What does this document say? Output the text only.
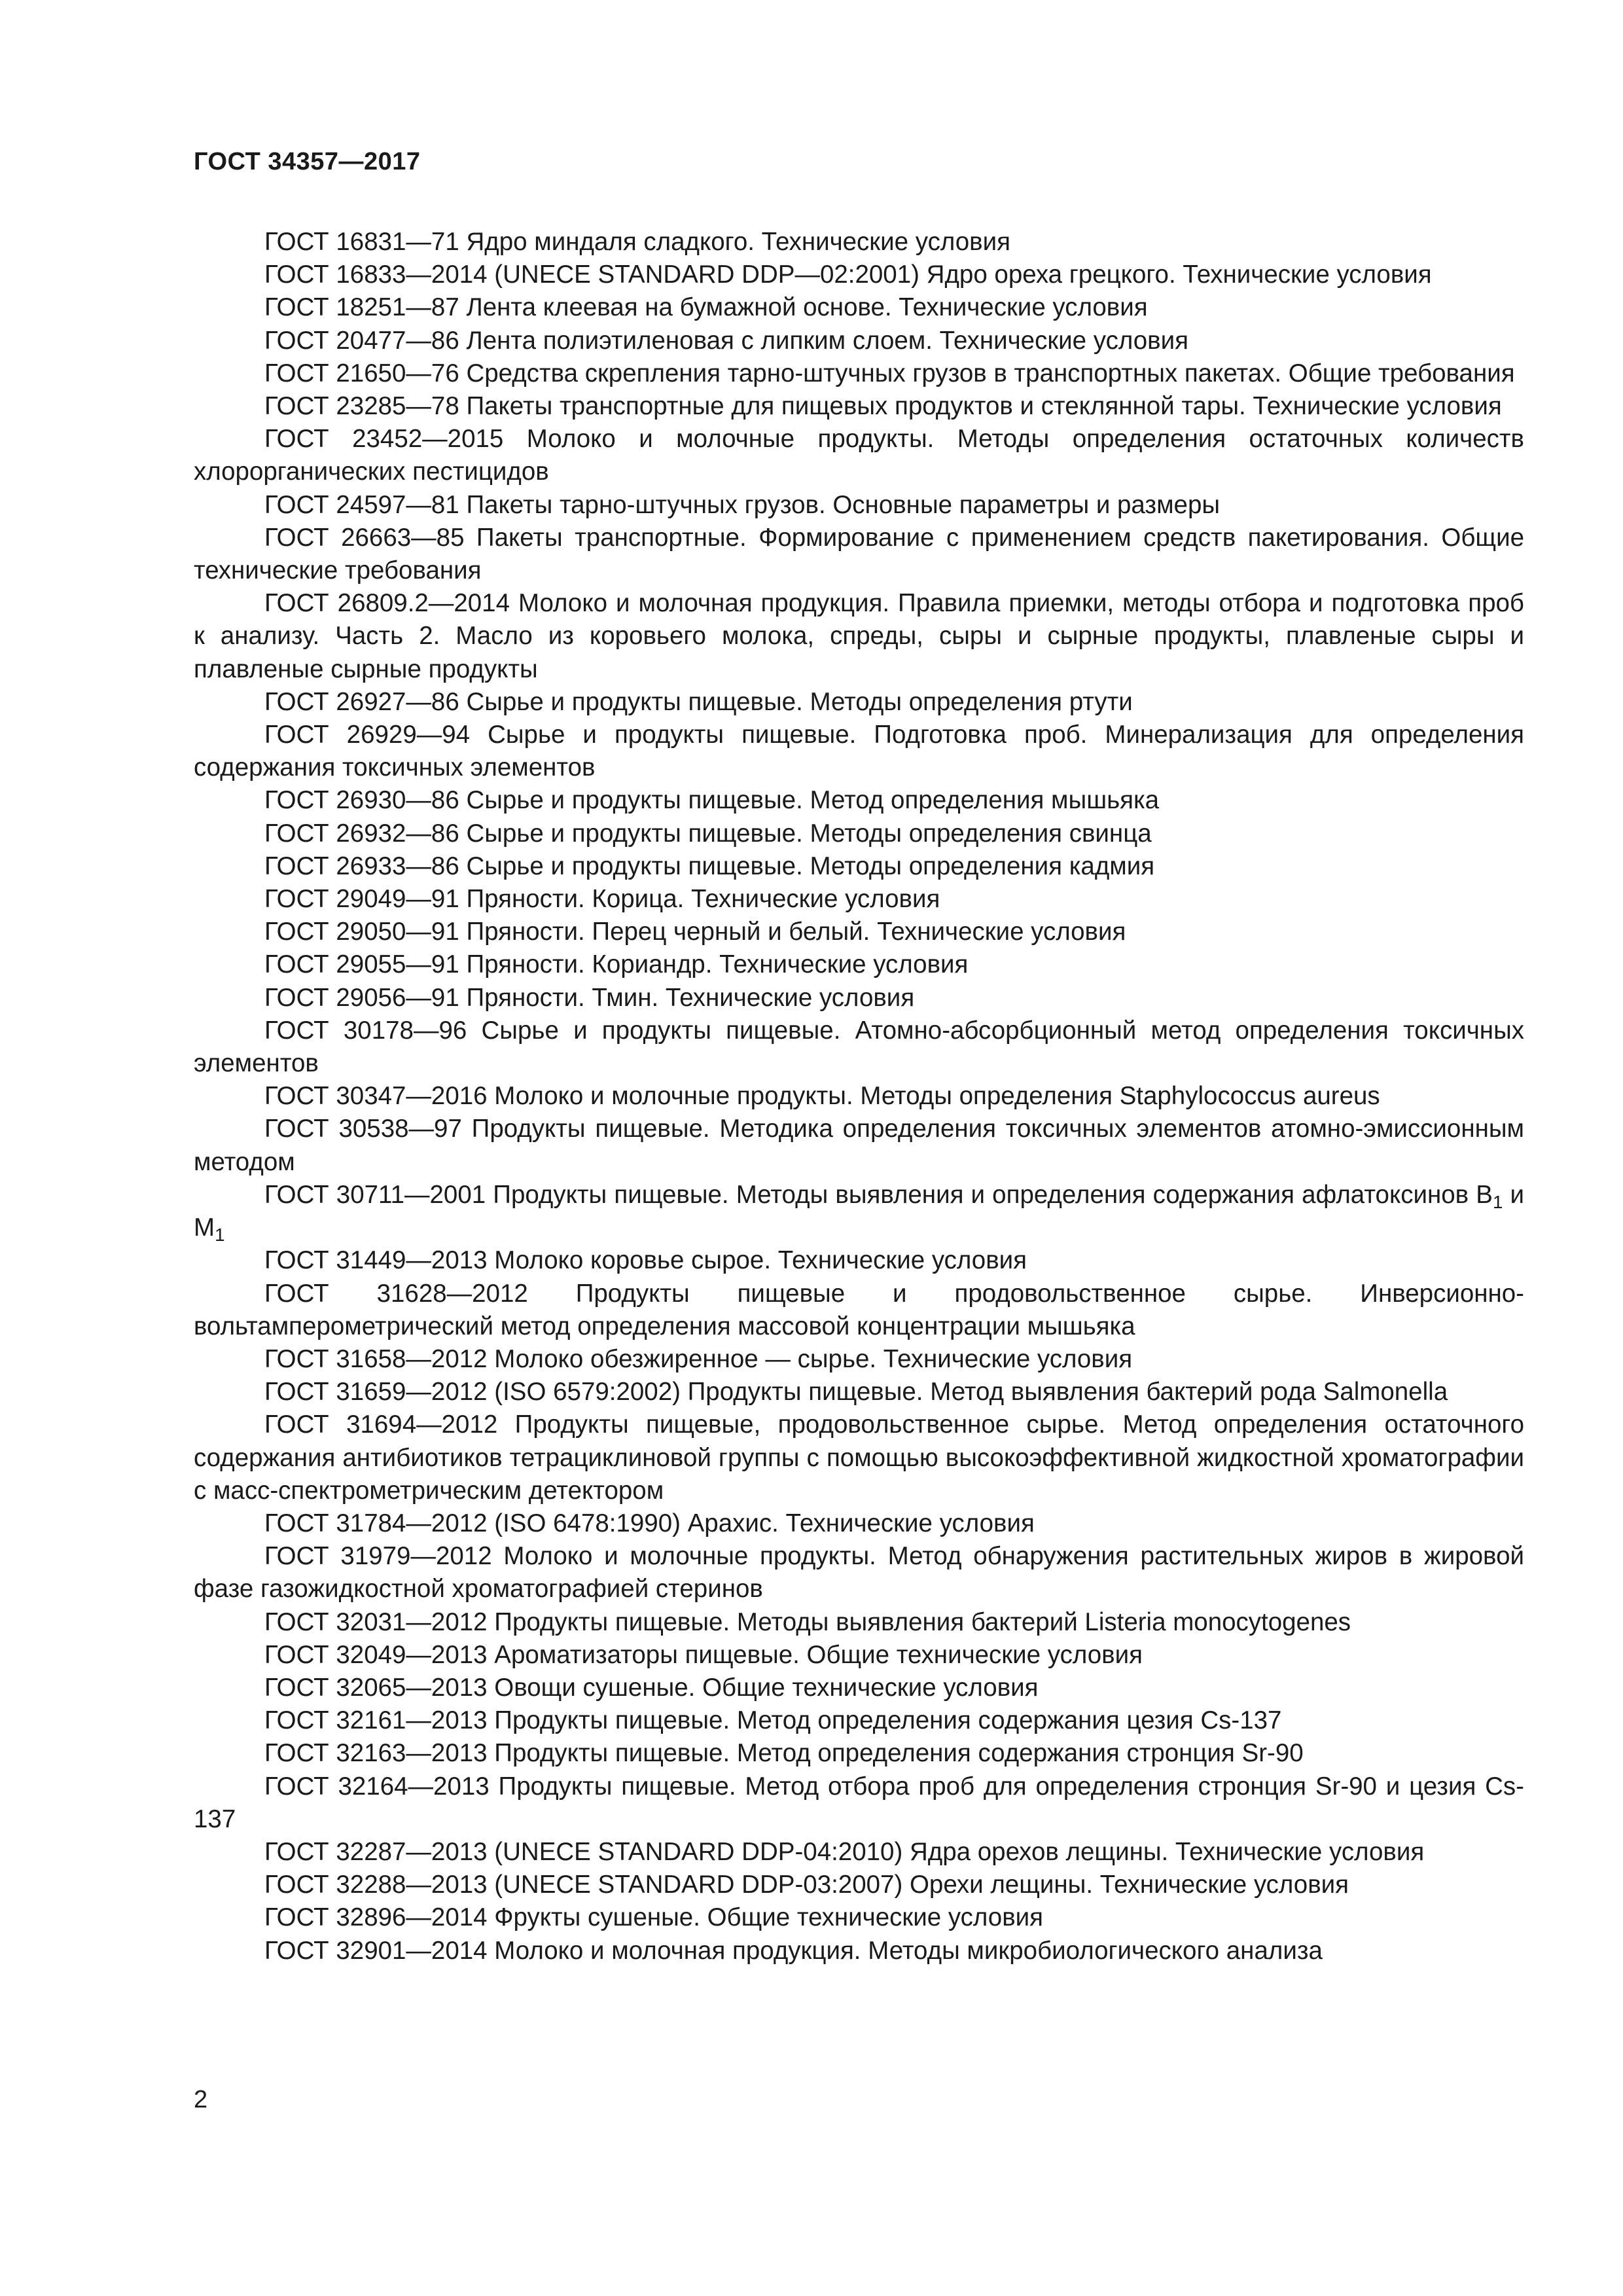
ГОСТ 34357—2017

ГОСТ 16831—71 Ядро миндаля сладкого. Технические условия

ГОСТ 16833—2014 (UNECE STANDARD DDP—02:2001) Ядро ореха грецкого. Технические условия

ГОСТ 18251—87 Лента клеевая на бумажной основе. Технические условия

ГОСТ 20477—86 Лента полиэтиленовая с липким слоем. Технические условия

ГОСТ 21650—76 Средства скрепления тарно-штучных грузов в транспортных пакетах. Общие требования

ГОСТ 23285—78 Пакеты транспортные для пищевых продуктов и стеклянной тары. Технические условия

ГОСТ 23452—2015 Молоко и молочные продукты. Методы определения остаточных количеств хлорорганических пестицидов

ГОСТ 24597—81 Пакеты тарно-штучных грузов. Основные параметры и размеры

ГОСТ 26663—85 Пакеты транспортные. Формирование с применением средств пакетирования. Общие технические требования

ГОСТ 26809.2—2014 Молоко и молочная продукция. Правила приемки, методы отбора и подготовка проб к анализу. Часть 2. Масло из коровьего молока, спреды, сыры и сырные продукты, плавленые сыры и плавленые сырные продукты

ГОСТ 26927—86 Сырье и продукты пищевые. Методы определения ртути

ГОСТ 26929—94 Сырье и продукты пищевые. Подготовка проб. Минерализация для определения содержания токсичных элементов

ГОСТ 26930—86 Сырье и продукты пищевые. Метод определения мышьяка

ГОСТ 26932—86 Сырье и продукты пищевые. Методы определения свинца

ГОСТ 26933—86 Сырье и продукты пищевые. Методы определения кадмия

ГОСТ 29049—91 Пряности. Корица. Технические условия

ГОСТ 29050—91 Пряности. Перец черный и белый. Технические условия

ГОСТ 29055—91 Пряности. Кориандр. Технические условия

ГОСТ 29056—91 Пряности. Тмин. Технические условия

ГОСТ 30178—96 Сырье и продукты пищевые. Атомно-абсорбционный метод определения токсичных элементов

ГОСТ 30347—2016 Молоко и молочные продукты. Методы определения Staphylococcus aureus

ГОСТ 30538—97 Продукты пищевые. Методика определения токсичных элементов атомно-эмиссионным методом

ГОСТ 30711—2001 Продукты пищевые. Методы выявления и определения содержания афлатоксинов $B_1$ и $M_1$

ГОСТ 31449—2013 Молоко коровье сырое. Технические условия

ГОСТ 31628—2012 Продукты пищевые и продовольственное сырье. Инверсионно-вольтамперометрический метод определения массовой концентрации мышьяка

ГОСТ 31658—2012 Молоко обезжиренное — сырье. Технические условия

ГОСТ 31659—2012 (ISO 6579:2002) Продукты пищевые. Метод выявления бактерий рода Salmonella

ГОСТ 31694—2012 Продукты пищевые, продовольственное сырье. Метод определения остаточного содержания антибиотиков тетрациклиновой группы с помощью высокоэффективной жидкостной хроматографии с масс-спектрометрическим детектором

ГОСТ 31784—2012 (ISO 6478:1990) Арахис. Технические условия

ГОСТ 31979—2012 Молоко и молочные продукты. Метод обнаружения растительных жиров в жировой фазе газожидкостной хроматографией стеринов

ГОСТ 32031—2012 Продукты пищевые. Методы выявления бактерий Listeria monocytogenes

ГОСТ 32049—2013 Ароматизаторы пищевые. Общие технические условия

ГОСТ 32065—2013 Овощи сушеные. Общие технические условия

ГОСТ 32161—2013 Продукты пищевые. Метод определения содержания цезия Cs-137

ГОСТ 32163—2013 Продукты пищевые. Метод определения содержания стронция Sr-90

ГОСТ 32164—2013 Продукты пищевые. Метод отбора проб для определения стронция Sr-90 и цезия Cs-137

ГОСТ 32287—2013 (UNECE STANDARD DDP-04:2010) Ядра орехов лещины. Технические условия

ГОСТ 32288—2013 (UNECE STANDARD DDP-03:2007) Орехи лещины. Технические условия

ГОСТ 32896—2014 Фрукты сушеные. Общие технические условия

ГОСТ 32901—2014 Молоко и молочная продукция. Методы микробиологического анализа

2
